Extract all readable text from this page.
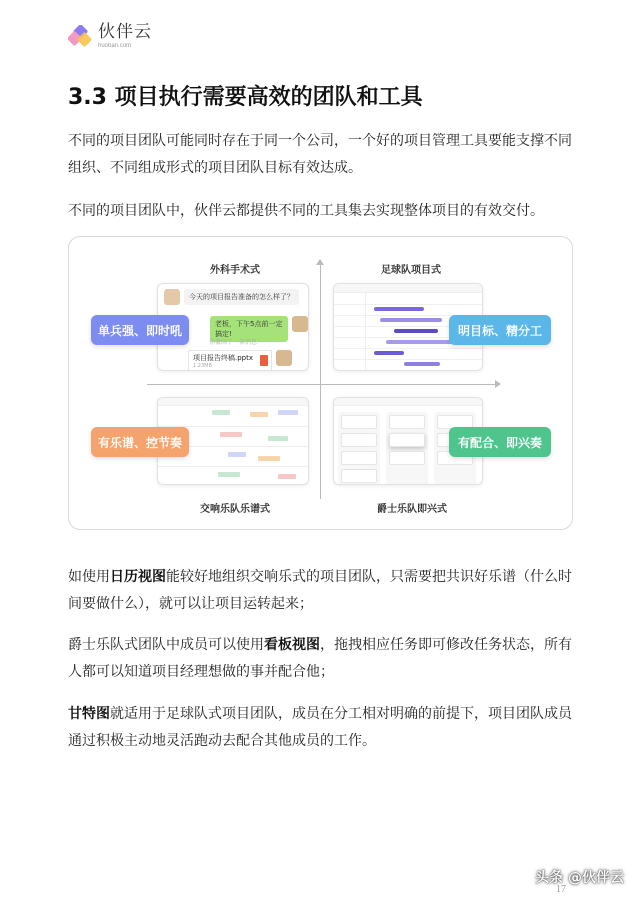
伙伴云
huoban.com
3.3 项目执行需要高效的团队和工具

不同的项目团队可能同时存在于同一个公司，一个好的项目管理工具要能支撑不同组织、不同组成形式的项目团队目标有效达成。

不同的项目团队中，伙伴云都提供不同的工具集去实现整体项目的有效交付。

外科手术式	足球队项目式
交响乐队乐谱式	爵士乐队即兴式
今天的项目报告准备的怎么样了？
老板，下午5点前一定搞定!
你撤回了一条消息
项目报告终稿.pptx
1.23MB
单兵强、即时吼	明目标、精分工
有乐谱、控节奏	有配合、即兴奏

如使用日历视图能较好地组织交响乐式的项目团队，只需要把共识好乐谱（什么时间要做什么），就可以让项目运转起来；

爵士乐队式团队中成员可以使用看板视图，拖拽相应任务即可修改任务状态，所有人都可以知道项目经理想做的事并配合他；

甘特图就适用于足球队式项目团队，成员在分工相对明确的前提下，项目团队成员通过积极主动地灵活跑动去配合其他成员的工作。

17
头条 @伙伴云
